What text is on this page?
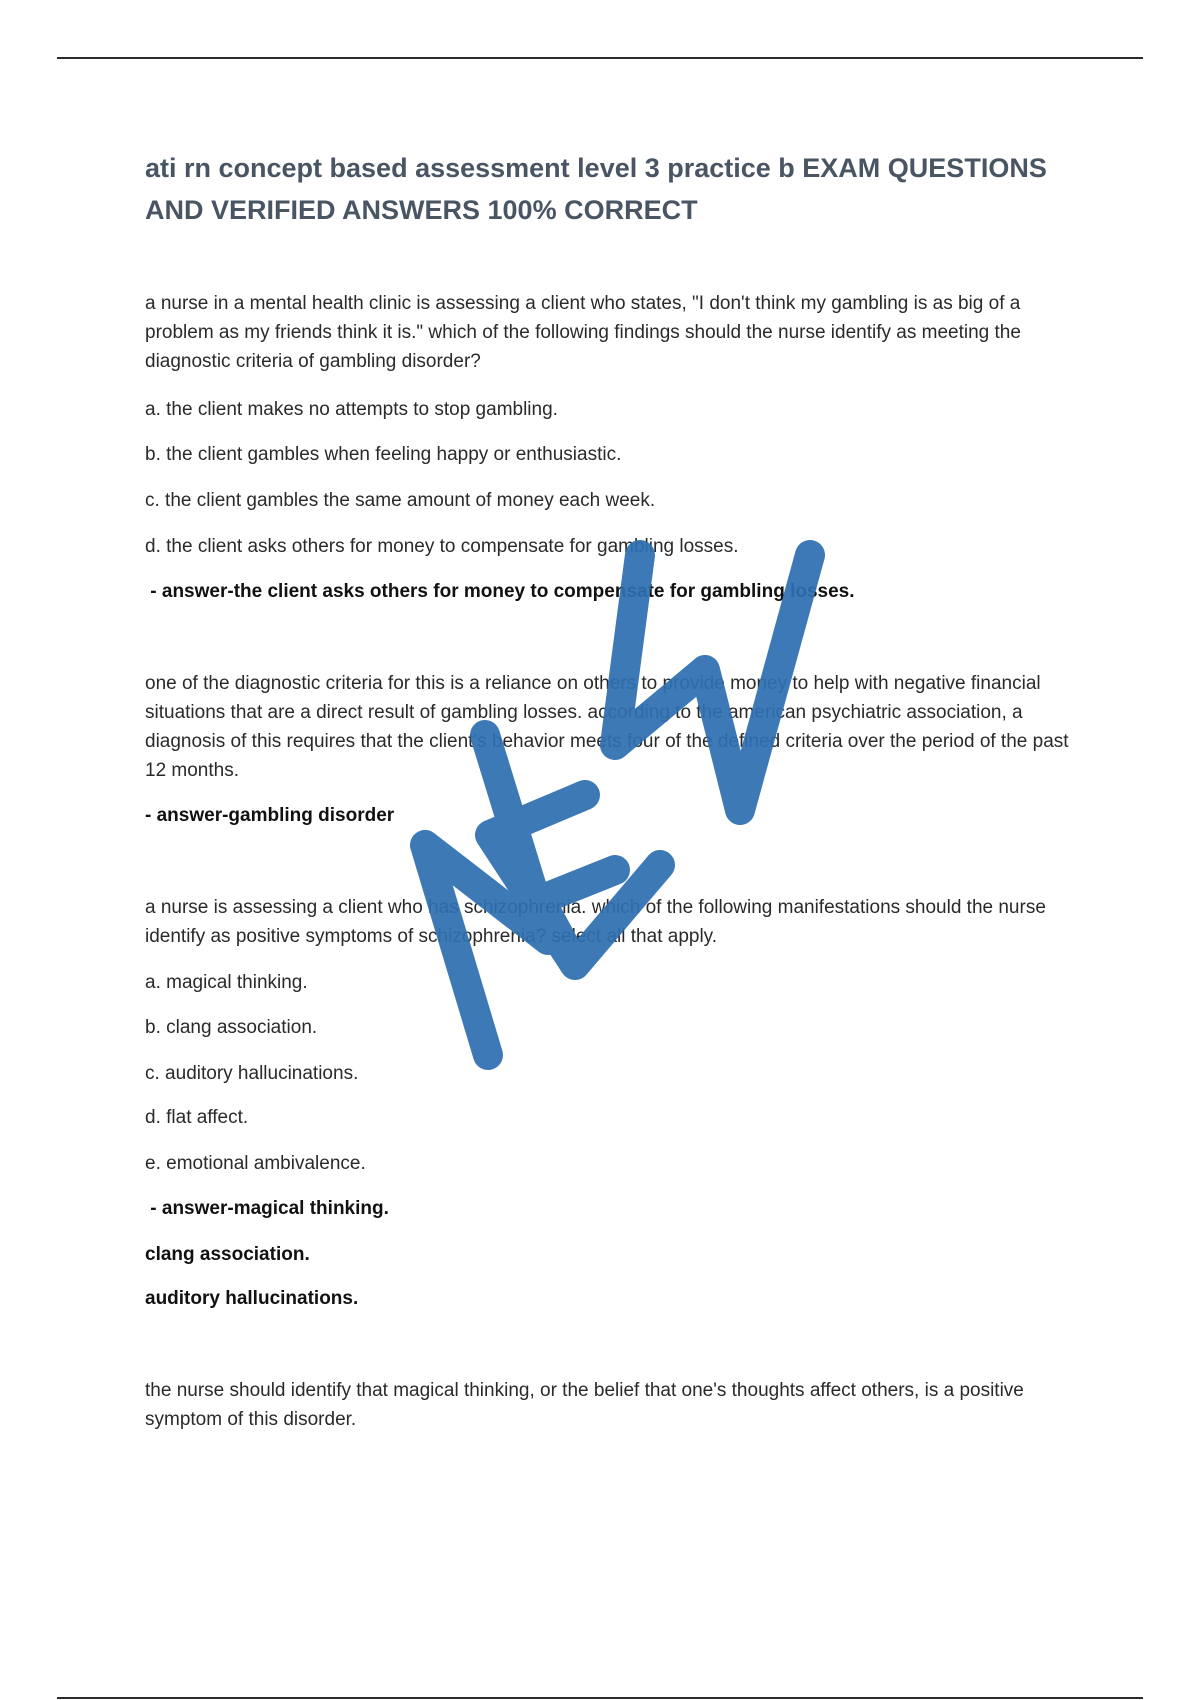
ati rn concept based assessment level 3 practice b EXAM QUESTIONS AND VERIFIED ANSWERS 100% CORRECT

a nurse in a mental health clinic is assessing a client who states, "I don't think my gambling is as big of a problem as my friends think it is." which of the following findings should the nurse identify as meeting the diagnostic criteria of gambling disorder?

a. the client makes no attempts to stop gambling.

b. the client gambles when feeling happy or enthusiastic.

c. the client gambles the same amount of money each week.

d. the client asks others for money to compensate for gambling losses.

- answer-the client asks others for money to compensate for gambling losses.

one of the diagnostic criteria for this is a reliance on others to provide money to help with negative financial situations that are a direct result of gambling losses. according to the american psychiatric association, a diagnosis of this requires that the client's behavior meets four of the defined criteria over the period of the past 12 months.

- answer-gambling disorder

a nurse is assessing a client who has schizophrenia. which of the following manifestations should the nurse identify as positive symptoms of schizophrenia? select all that apply.

a. magical thinking.

b. clang association.

c. auditory hallucinations.

d. flat affect.

e. emotional ambivalence.

- answer-magical thinking.

clang association.

auditory hallucinations.

the nurse should identify that magical thinking, or the belief that one's thoughts affect others, is a positive symptom of this disorder.
